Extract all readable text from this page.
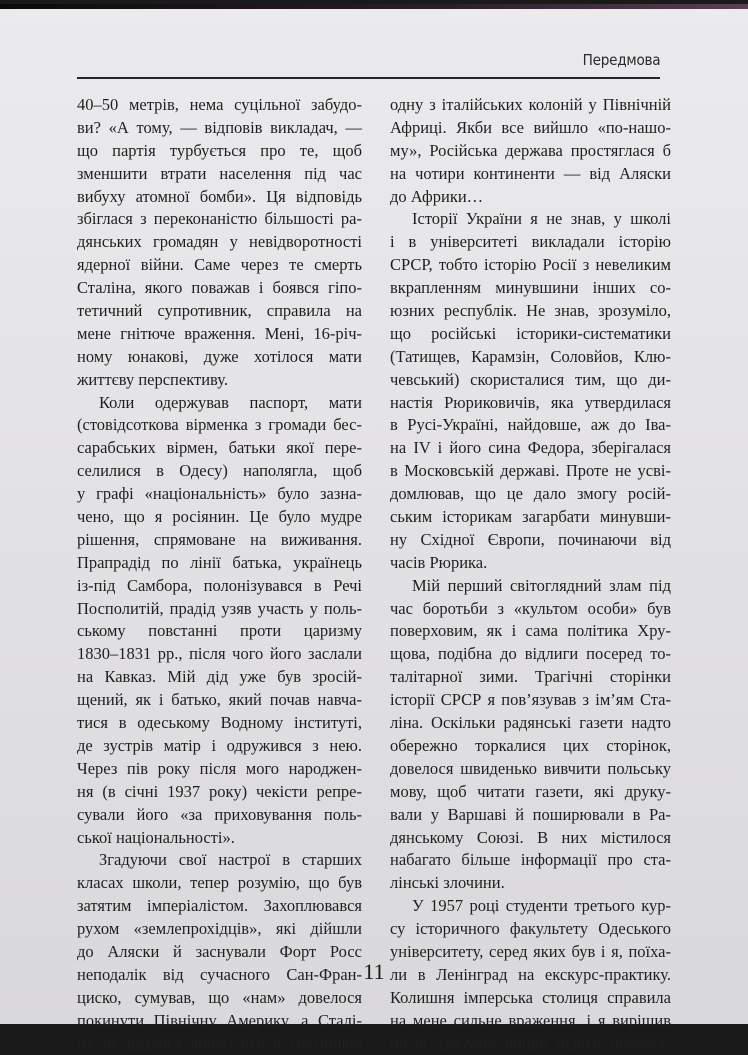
Передмова
40–50 метрів, нема суцільної забудо-
ви? «А тому, — відповів викладач, —
що партія турбується про те, щоб
зменшити втрати населення під час
вибуху атомної бомби». Ця відповідь
збіглася з переконаністю більшості ра-
дянських громадян у невідворотності
ядерної війни. Саме через те смерть
Сталіна, якого поважав і боявся гіпо-
тетичний супротивник, справила на
мене гнітюче враження. Мені, 16-річ-
ному юнакові, дуже хотілося мати
життєву перспективу.
Коли одержував паспорт, мати
(стовідсоткова вірменка з громади бес-
сарабських вірмен, батьки якої пере-
селилися в Одесу) наполягла, щоб
у графі «національність» було зазна-
чено, що я росіянин. Це було мудре
рішення, спрямоване на виживання.
Прапрадід по лінії батька, українець
із-під Самбора, полонізувався в Речі
Посполитій, прадід узяв участь у поль-
ському повстанні проти царизму
1830–1831 рр., після чого його заслали
на Кавказ. Мій дід уже був зросій-
щений, як і батько, який почав навча-
тися в одеському Водному інституті,
де зустрів матір і одружився з нею.
Через пів року після мого народжен-
ня (в січні 1937 року) чекісти репре-
сували його «за приховування поль-
ської національності».
Згадуючи свої настрої в старших
класах школи, тепер розумію, що був
затятим імперіалістом. Захоплювався
рухом «землепрохідців», які дійшли
до Аляски й заснували Форт Росс
неподалік від сучасного Сан-Фран-
циско, сумував, що «нам» довелося
покинути Північну Америку, а Сталі-
ну не вдалося випросити в союзників
одну з італійських колоній у Північній
Африці. Якби все вийшло «по-нашо-
му», Російська держава простяглася б
на чотири континенти — від Аляски
до Африки…
Історії України я не знав, у школі
і в університеті викладали історію
СРСР, тобто історію Росії з невеликим
вкрапленням минувшини інших со-
юзних республік. Не знав, зрозуміло,
що російські історики-систематики
(Татищев, Карамзін, Соловйов, Клю-
чевський) скористалися тим, що ди-
настія Рюриковичів, яка утвердилася
в Русі-Україні, найдовше, аж до Іва-
на IV і його сина Федора, зберігалася
в Московській державі. Проте не усві-
домлював, що це дало змогу росій-
ським історикам загарбати минувши-
ну Східної Європи, починаючи від
часів Рюрика.
Мій перший світоглядний злам під
час боротьби з «культом особи» був
поверховим, як і сама політика Хру-
щова, подібна до відлиги посеред то-
талітарної зими. Трагічні сторінки
історії СРСР я пов’язував з ім’ям Ста-
ліна. Оскільки радянські газети надто
обережно торкалися цих сторінок,
довелося швиденько вивчити польську
мову, щоб читати газети, які друку-
вали у Варшаві й поширювали в Ра-
дянському Союзі. В них містилося
набагато більше інформації про ста-
лінські злочини.
У 1957 році студенти третього кур-
су історичного факультету Одеського
університету, серед яких був і я, поїха-
ли в Ленінград на екскурс-практику.
Колишня імперська столиця справила
на мене сильне враження, і я вирішив
після здобуття вищої освіти позмага-
11
